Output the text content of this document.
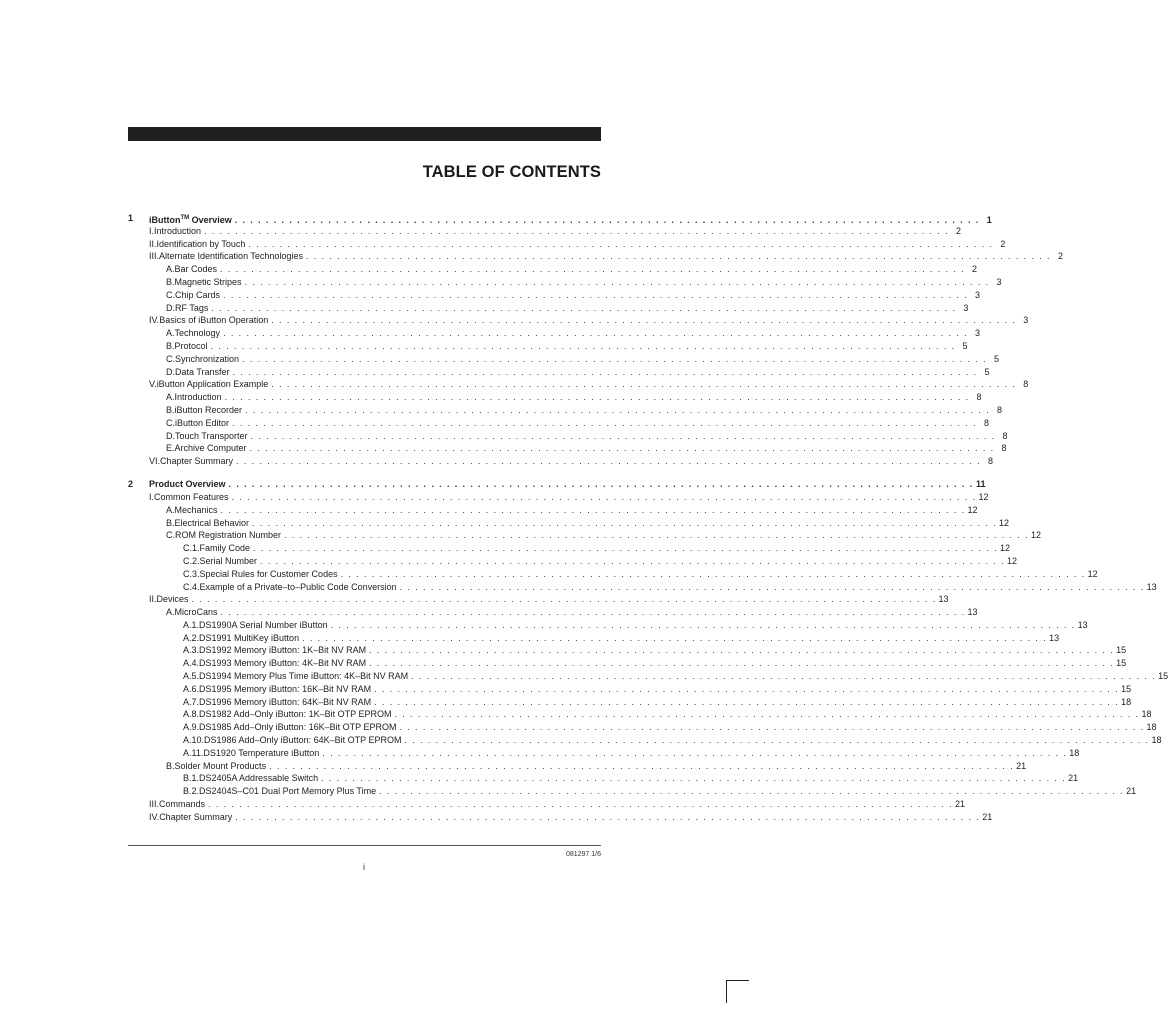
TABLE OF CONTENTS
1 iButton™ Overview . . . . . . . . . . . . . . . . . . . . . . . . . . . . . . . . . . . . . . . . . . . . . . . . . . . . . . . . . . . . . . . . . . . . . . . . . . . . . . . . . . . . . . . . . . . . . . . . 1
I. Introduction . . . . . . . . . . . . . . . . . . . . . . . . . . . . . . . . . . . . . . . . . . . . . . . . . . . . . . . . . . . . . . . . . . . . . . . . . . . . . . . . . . . . . . . . . . . . . . . . 2
II. Identification by Touch . . . . . . . . . . . . . . . . . . . . . . . . . . . . . . . . . . . . . . . . . . . . . . . . . . . . . . . . . . . . . . . . . . . . . . . . . . . . . . . . . . . . . . . . . . . . . . . . 2
III. Alternate Identification Technologies . . . . . . . . . . . . . . . . . . . . . . . . . . . . . . . . . . . . . . . . . . . . . . . . . . . . . . . . . . . . . . . . . . . . . . . . . . . . . . . . . . . . . . . . . . . . . . . . 2
A. Bar Codes . . . . . . . . . . . . . . . . . . . . . . . . . . . . . . . . . . . . . . . . . . . . . . . . . . . . . . . . . . . . . . . . . . . . . . . . . . . . . . . . . . . . . . . . . . . . . . . . 2
B. Magnetic Stripes . . . . . . . . . . . . . . . . . . . . . . . . . . . . . . . . . . . . . . . . . . . . . . . . . . . . . . . . . . . . . . . . . . . . . . . . . . . . . . . . . . . . . . . . . . . . . . . . 3
C. Chip Cards . . . . . . . . . . . . . . . . . . . . . . . . . . . . . . . . . . . . . . . . . . . . . . . . . . . . . . . . . . . . . . . . . . . . . . . . . . . . . . . . . . . . . . . . . . . . . . . . 3
D. RF Tags . . . . . . . . . . . . . . . . . . . . . . . . . . . . . . . . . . . . . . . . . . . . . . . . . . . . . . . . . . . . . . . . . . . . . . . . . . . . . . . . . . . . . . . . . . . . . . . . 3
IV. Basics of iButton Operation . . . . . . . . . . . . . . . . . . . . . . . . . . . . . . . . . . . . . . . . . . . . . . . . . . . . . . . . . . . . . . . . . . . . . . . . . . . . . . . . . . . . . . . . . . . . . . . . 3
A. Technology . . . . . . . . . . . . . . . . . . . . . . . . . . . . . . . . . . . . . . . . . . . . . . . . . . . . . . . . . . . . . . . . . . . . . . . . . . . . . . . . . . . . . . . . . . . . . . . . 3
B. Protocol . . . . . . . . . . . . . . . . . . . . . . . . . . . . . . . . . . . . . . . . . . . . . . . . . . . . . . . . . . . . . . . . . . . . . . . . . . . . . . . . . . . . . . . . . . . . . . . . 5
C. Synchronization . . . . . . . . . . . . . . . . . . . . . . . . . . . . . . . . . . . . . . . . . . . . . . . . . . . . . . . . . . . . . . . . . . . . . . . . . . . . . . . . . . . . . . . . . . . . . . . . 5
D. Data Transfer . . . . . . . . . . . . . . . . . . . . . . . . . . . . . . . . . . . . . . . . . . . . . . . . . . . . . . . . . . . . . . . . . . . . . . . . . . . . . . . . . . . . . . . . . . . . . . . . 5
V. iButton Application Example . . . . . . . . . . . . . . . . . . . . . . . . . . . . . . . . . . . . . . . . . . . . . . . . . . . . . . . . . . . . . . . . . . . . . . . . . . . . . . . . . . . . . . . . . . . . . . . . 8
A. Introduction . . . . . . . . . . . . . . . . . . . . . . . . . . . . . . . . . . . . . . . . . . . . . . . . . . . . . . . . . . . . . . . . . . . . . . . . . . . . . . . . . . . . . . . . . . . . . . . . 8
B. iButton Recorder . . . . . . . . . . . . . . . . . . . . . . . . . . . . . . . . . . . . . . . . . . . . . . . . . . . . . . . . . . . . . . . . . . . . . . . . . . . . . . . . . . . . . . . . . . . . . . . . 8
C. iButton Editor . . . . . . . . . . . . . . . . . . . . . . . . . . . . . . . . . . . . . . . . . . . . . . . . . . . . . . . . . . . . . . . . . . . . . . . . . . . . . . . . . . . . . . . . . . . . . . . . 8
D. Touch Transporter . . . . . . . . . . . . . . . . . . . . . . . . . . . . . . . . . . . . . . . . . . . . . . . . . . . . . . . . . . . . . . . . . . . . . . . . . . . . . . . . . . . . . . . . . . . . . . . . 8
E. Archive Computer . . . . . . . . . . . . . . . . . . . . . . . . . . . . . . . . . . . . . . . . . . . . . . . . . . . . . . . . . . . . . . . . . . . . . . . . . . . . . . . . . . . . . . . . . . . . . . . . 8
VI. Chapter Summary . . . . . . . . . . . . . . . . . . . . . . . . . . . . . . . . . . . . . . . . . . . . . . . . . . . . . . . . . . . . . . . . . . . . . . . . . . . . . . . . . . . . . . . . . . . . . . . . 8
2 Product Overview . . . . . . . . . . . . . . . . . . . . . . . . . . . . . . . . . . . . . . . . . . . . . . . . . . . . . . . . . . . . . . . . . . . . . . . . . . . . . . . . . . . . . . . . . . . . . . . . 11
I. Common Features . . . . . . . . . . . . . . . . . . . . . . . . . . . . . . . . . . . . . . . . . . . . . . . . . . . . . . . . . . . . . . . . . . . . . . . . . . . . . . . . . . . . . . . . . . . . . . . . 12
A. Mechanics . . . . . . . . . . . . . . . . . . . . . . . . . . . . . . . . . . . . . . . . . . . . . . . . . . . . . . . . . . . . . . . . . . . . . . . . . . . . . . . . . . . . . . . . . . . . . . . . 12
B. Electrical Behavior . . . . . . . . . . . . . . . . . . . . . . . . . . . . . . . . . . . . . . . . . . . . . . . . . . . . . . . . . . . . . . . . . . . . . . . . . . . . . . . . . . . . . . . . . . . . . . . . 12
C. ROM Registration Number . . . . . . . . . . . . . . . . . . . . . . . . . . . . . . . . . . . . . . . . . . . . . . . . . . . . . . . . . . . . . . . . . . . . . . . . . . . . . . . . . . . . . . . . . . . . . . . . 12
C.1. Family Code . . . . . . . . . . . . . . . . . . . . . . . . . . . . . . . . . . . . . . . . . . . . . . . . . . . . . . . . . . . . . . . . . . . . . . . . . . . . . . . . . . . . . . . . . . . . . . . . 12
C.2. Serial Number . . . . . . . . . . . . . . . . . . . . . . . . . . . . . . . . . . . . . . . . . . . . . . . . . . . . . . . . . . . . . . . . . . . . . . . . . . . . . . . . . . . . . . . . . . . . . . . . 12
C.3. Special Rules for Customer Codes . . . . . . . . . . . . . . . . . . . . . . . . . . . . . . . . . . . . . . . . . . . . . . . . . . . . . . . . . . . . . . . . . . . . . . . . . . . . . . . . . . . . . . . . . . . . . . . . 12
C.4. Example of a Private–to–Public Code Conversion . . . . . . . . . . . . . . . . . . . . . . . . . . . . . . . . . . . . . . . . . . . . . . . . . . . . . . . . . . . . . . . . . . . . . . . . . . . . . . . . . . . . . . . . . . . . . . . . 13
II. Devices . . . . . . . . . . . . . . . . . . . . . . . . . . . . . . . . . . . . . . . . . . . . . . . . . . . . . . . . . . . . . . . . . . . . . . . . . . . . . . . . . . . . . . . . . . . . . . . . 13
A. MicroCans . . . . . . . . . . . . . . . . . . . . . . . . . . . . . . . . . . . . . . . . . . . . . . . . . . . . . . . . . . . . . . . . . . . . . . . . . . . . . . . . . . . . . . . . . . . . . . . . 13
A.1. DS1990A Serial Number iButton . . . . . . . . . . . . . . . . . . . . . . . . . . . . . . . . . . . . . . . . . . . . . . . . . . . . . . . . . . . . . . . . . . . . . . . . . . . . . . . . . . . . . . . . . . . . . . . . 13
A.2. DS1991 MultiKey iButton . . . . . . . . . . . . . . . . . . . . . . . . . . . . . . . . . . . . . . . . . . . . . . . . . . . . . . . . . . . . . . . . . . . . . . . . . . . . . . . . . . . . . . . . . . . . . . . . 13
A.3. DS1992 Memory iButton: 1K–Bit NV RAM . . . . . . . . . . . . . . . . . . . . . . . . . . . . . . . . . . . . . . . . . . . . . . . . . . . . . . . . . . . . . . . . . . . . . . . . . . . . . . . . . . . . . . . . . . . . . . . . 15
A.4. DS1993 Memory iButton: 4K–Bit NV RAM . . . . . . . . . . . . . . . . . . . . . . . . . . . . . . . . . . . . . . . . . . . . . . . . . . . . . . . . . . . . . . . . . . . . . . . . . . . . . . . . . . . . . . . . . . . . . . . . 15
A.5. DS1994 Memory Plus Time iButton: 4K–Bit NV RAM . . . . . . . . . . . . . . . . . . . . . . . . . . . . . . . . . . . . . . . . . . . . . . . . . . . . . . . . . . . . . . . . . . . . . . . . . . . . . . . . . . . . . . . . . . . . . . . . 15
A.6. DS1995 Memory iButton: 16K–Bit NV RAM . . . . . . . . . . . . . . . . . . . . . . . . . . . . . . . . . . . . . . . . . . . . . . . . . . . . . . . . . . . . . . . . . . . . . . . . . . . . . . . . . . . . . . . . . . . . . . . . 15
A.7. DS1996 Memory iButton: 64K–Bit NV RAM . . . . . . . . . . . . . . . . . . . . . . . . . . . . . . . . . . . . . . . . . . . . . . . . . . . . . . . . . . . . . . . . . . . . . . . . . . . . . . . . . . . . . . . . . . . . . . . . 18
A.8. DS1982 Add–Only iButton: 1K–Bit OTP EPROM . . . . . . . . . . . . . . . . . . . . . . . . . . . . . . . . . . . . . . . . . . . . . . . . . . . . . . . . . . . . . . . . . . . . . . . . . . . . . . . . . . . . . . . . . . . . . . . . 18
A.9. DS1985 Add–Only iButton: 16K–Bit OTP EPROM . . . . . . . . . . . . . . . . . . . . . . . . . . . . . . . . . . . . . . . . . . . . . . . . . . . . . . . . . . . . . . . . . . . . . . . . . . . . . . . . . . . . . . . . . . . . . . . . 18
A.10. DS1986 Add–Only iButton: 64K–Bit OTP EPROM . . . . . . . . . . . . . . . . . . . . . . . . . . . . . . . . . . . . . . . . . . . . . . . . . . . . . . . . . . . . . . . . . . . . . . . . . . . . . . . . . . . . . . . . . . . . . . . . 18
A.11. DS1920 Temperature iButton . . . . . . . . . . . . . . . . . . . . . . . . . . . . . . . . . . . . . . . . . . . . . . . . . . . . . . . . . . . . . . . . . . . . . . . . . . . . . . . . . . . . . . . . . . . . . . . . 18
B. Solder Mount Products . . . . . . . . . . . . . . . . . . . . . . . . . . . . . . . . . . . . . . . . . . . . . . . . . . . . . . . . . . . . . . . . . . . . . . . . . . . . . . . . . . . . . . . . . . . . . . . . 21
B.1. DS2405A Addressable Switch . . . . . . . . . . . . . . . . . . . . . . . . . . . . . . . . . . . . . . . . . . . . . . . . . . . . . . . . . . . . . . . . . . . . . . . . . . . . . . . . . . . . . . . . . . . . . . . . 21
B.2. DS2404S–C01 Dual Port Memory Plus Time . . . . . . . . . . . . . . . . . . . . . . . . . . . . . . . . . . . . . . . . . . . . . . . . . . . . . . . . . . . . . . . . . . . . . . . . . . . . . . . . . . . . . . . . . . . . . . . . 21
III. Commands . . . . . . . . . . . . . . . . . . . . . . . . . . . . . . . . . . . . . . . . . . . . . . . . . . . . . . . . . . . . . . . . . . . . . . . . . . . . . . . . . . . . . . . . . . . . . . . . 21
IV. Chapter Summary . . . . . . . . . . . . . . . . . . . . . . . . . . . . . . . . . . . . . . . . . . . . . . . . . . . . . . . . . . . . . . . . . . . . . . . . . . . . . . . . . . . . . . . . . . . . . . . . 21
081297 1/6
i
